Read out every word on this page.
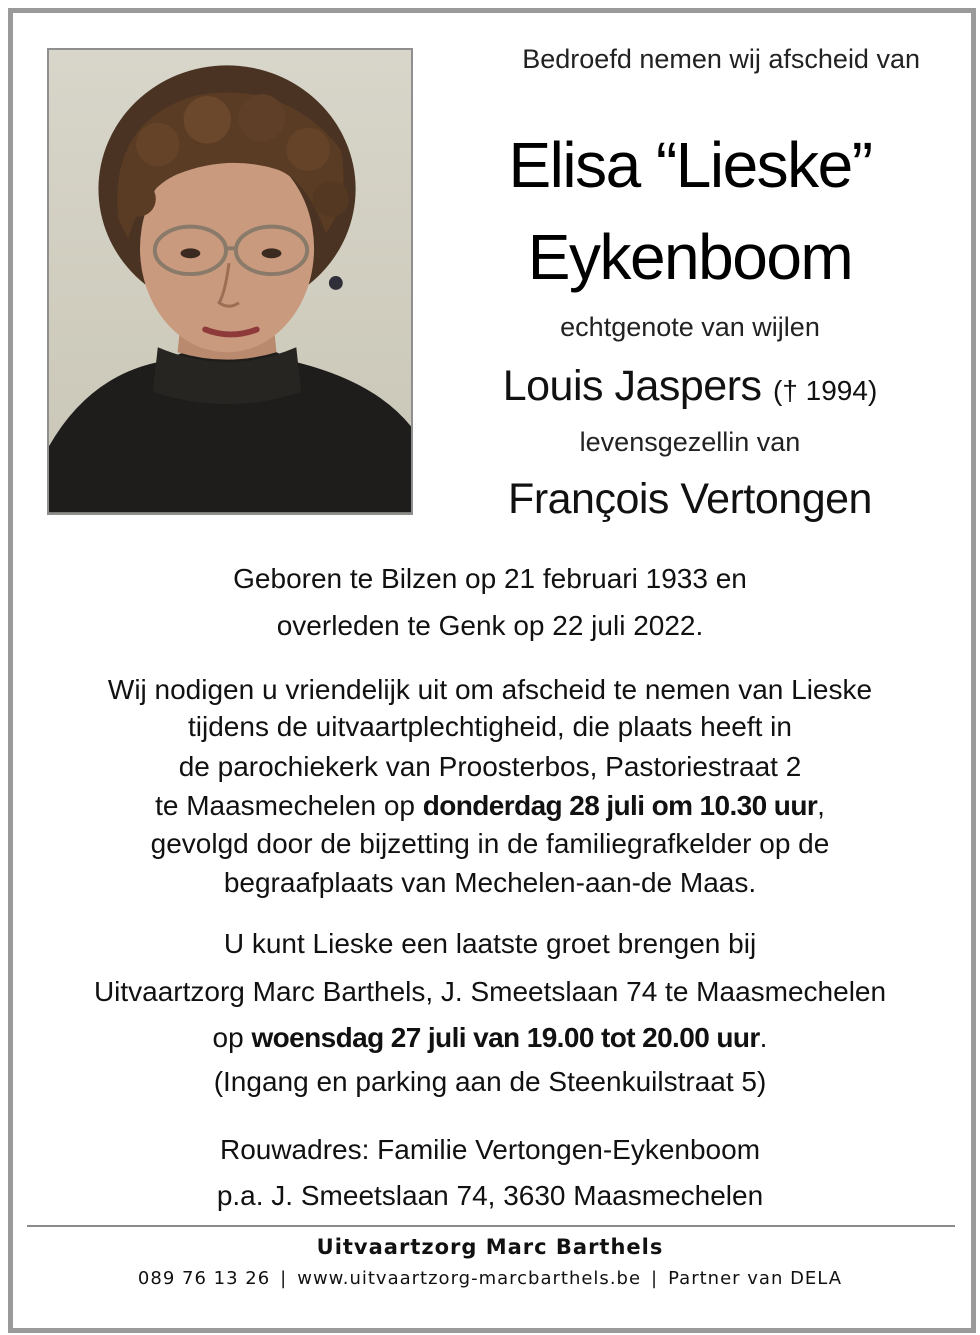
Bedroefd nemen wij afscheid van
Elisa “Lieske”
Eykenboom
echtgenote van wijlen
Louis Jaspers († 1994)
levensgezellin van
François Vertongen
Geboren te Bilzen op 21 februari 1933 en
overleden te Genk op 22 juli 2022.
Wij nodigen u vriendelijk uit om afscheid te nemen van Lieske
tijdens de uitvaartplechtigheid, die plaats heeft in
de parochiekerk van Proosterbos, Pastoriestraat 2
te Maasmechelen op donderdag 28 juli om 10.30 uur,
gevolgd door de bijzetting in de familiegrafkelder op de
begraafplaats van Mechelen-aan-de Maas.
U kunt Lieske een laatste groet brengen bij
Uitvaartzorg Marc Barthels, J. Smeetslaan 74 te Maasmechelen
op woensdag 27 juli van 19.00 tot 20.00 uur.
(Ingang en parking aan de Steenkuilstraat 5)
Rouwadres: Familie Vertongen-Eykenboom
p.a. J. Smeetslaan 74, 3630 Maasmechelen
Uitvaartzorg Marc Barthels
089 76 13 26 | www.uitvaartzorg-marcbarthels.be | Partner van DELA
